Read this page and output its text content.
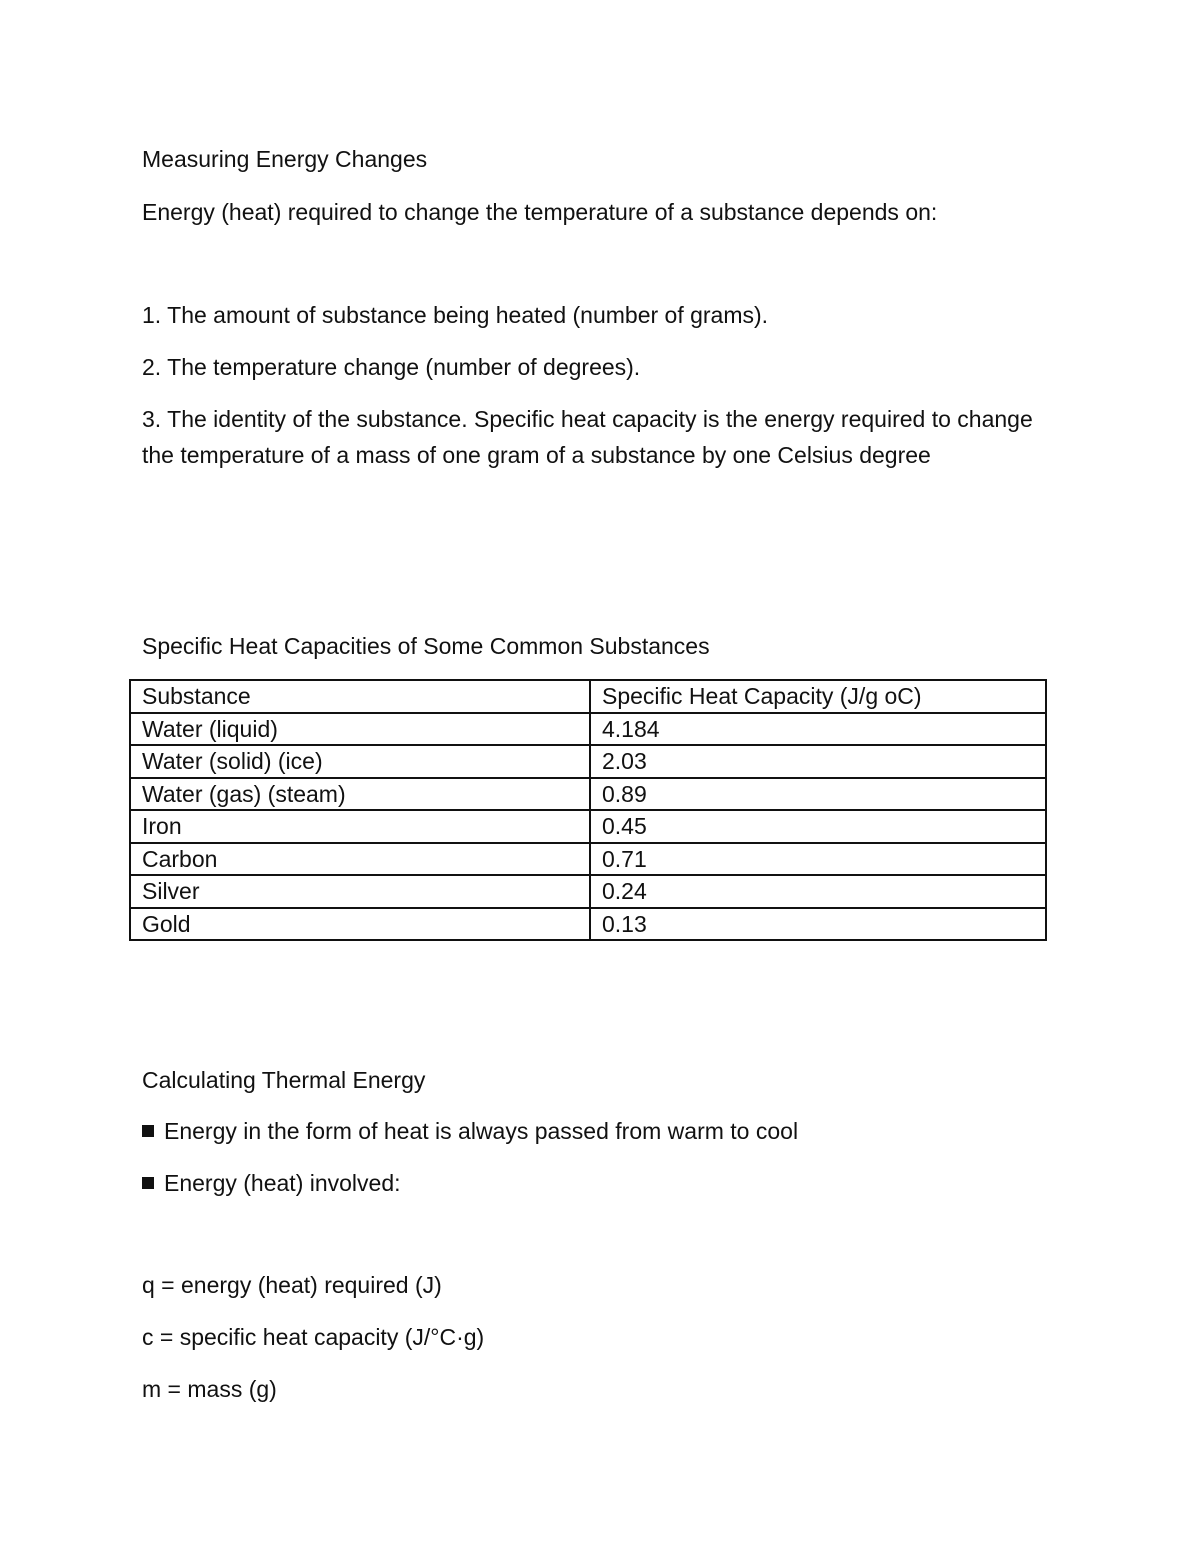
Measuring Energy Changes
Energy (heat) required to change the temperature of a substance depends on:
1. The amount of substance being heated (number of grams).
2. The temperature change (number of degrees).
3. The identity of the substance. Specific heat capacity is the energy required to change the temperature of a mass of one gram of a substance by one Celsius degree
Specific Heat Capacities of Some Common Substances
Substance	Specific Heat Capacity (J/g oC)
Water (liquid)	4.184
Water (solid) (ice)	2.03
Water (gas) (steam)	0.89
Iron	0.45
Carbon	0.71
Silver	0.24
Gold	0.13
Calculating Thermal Energy
Energy in the form of heat is always passed from warm to cool
Energy (heat) involved:
q = energy (heat) required (J)
c = specific heat capacity (J/°C·g)
m = mass (g)
